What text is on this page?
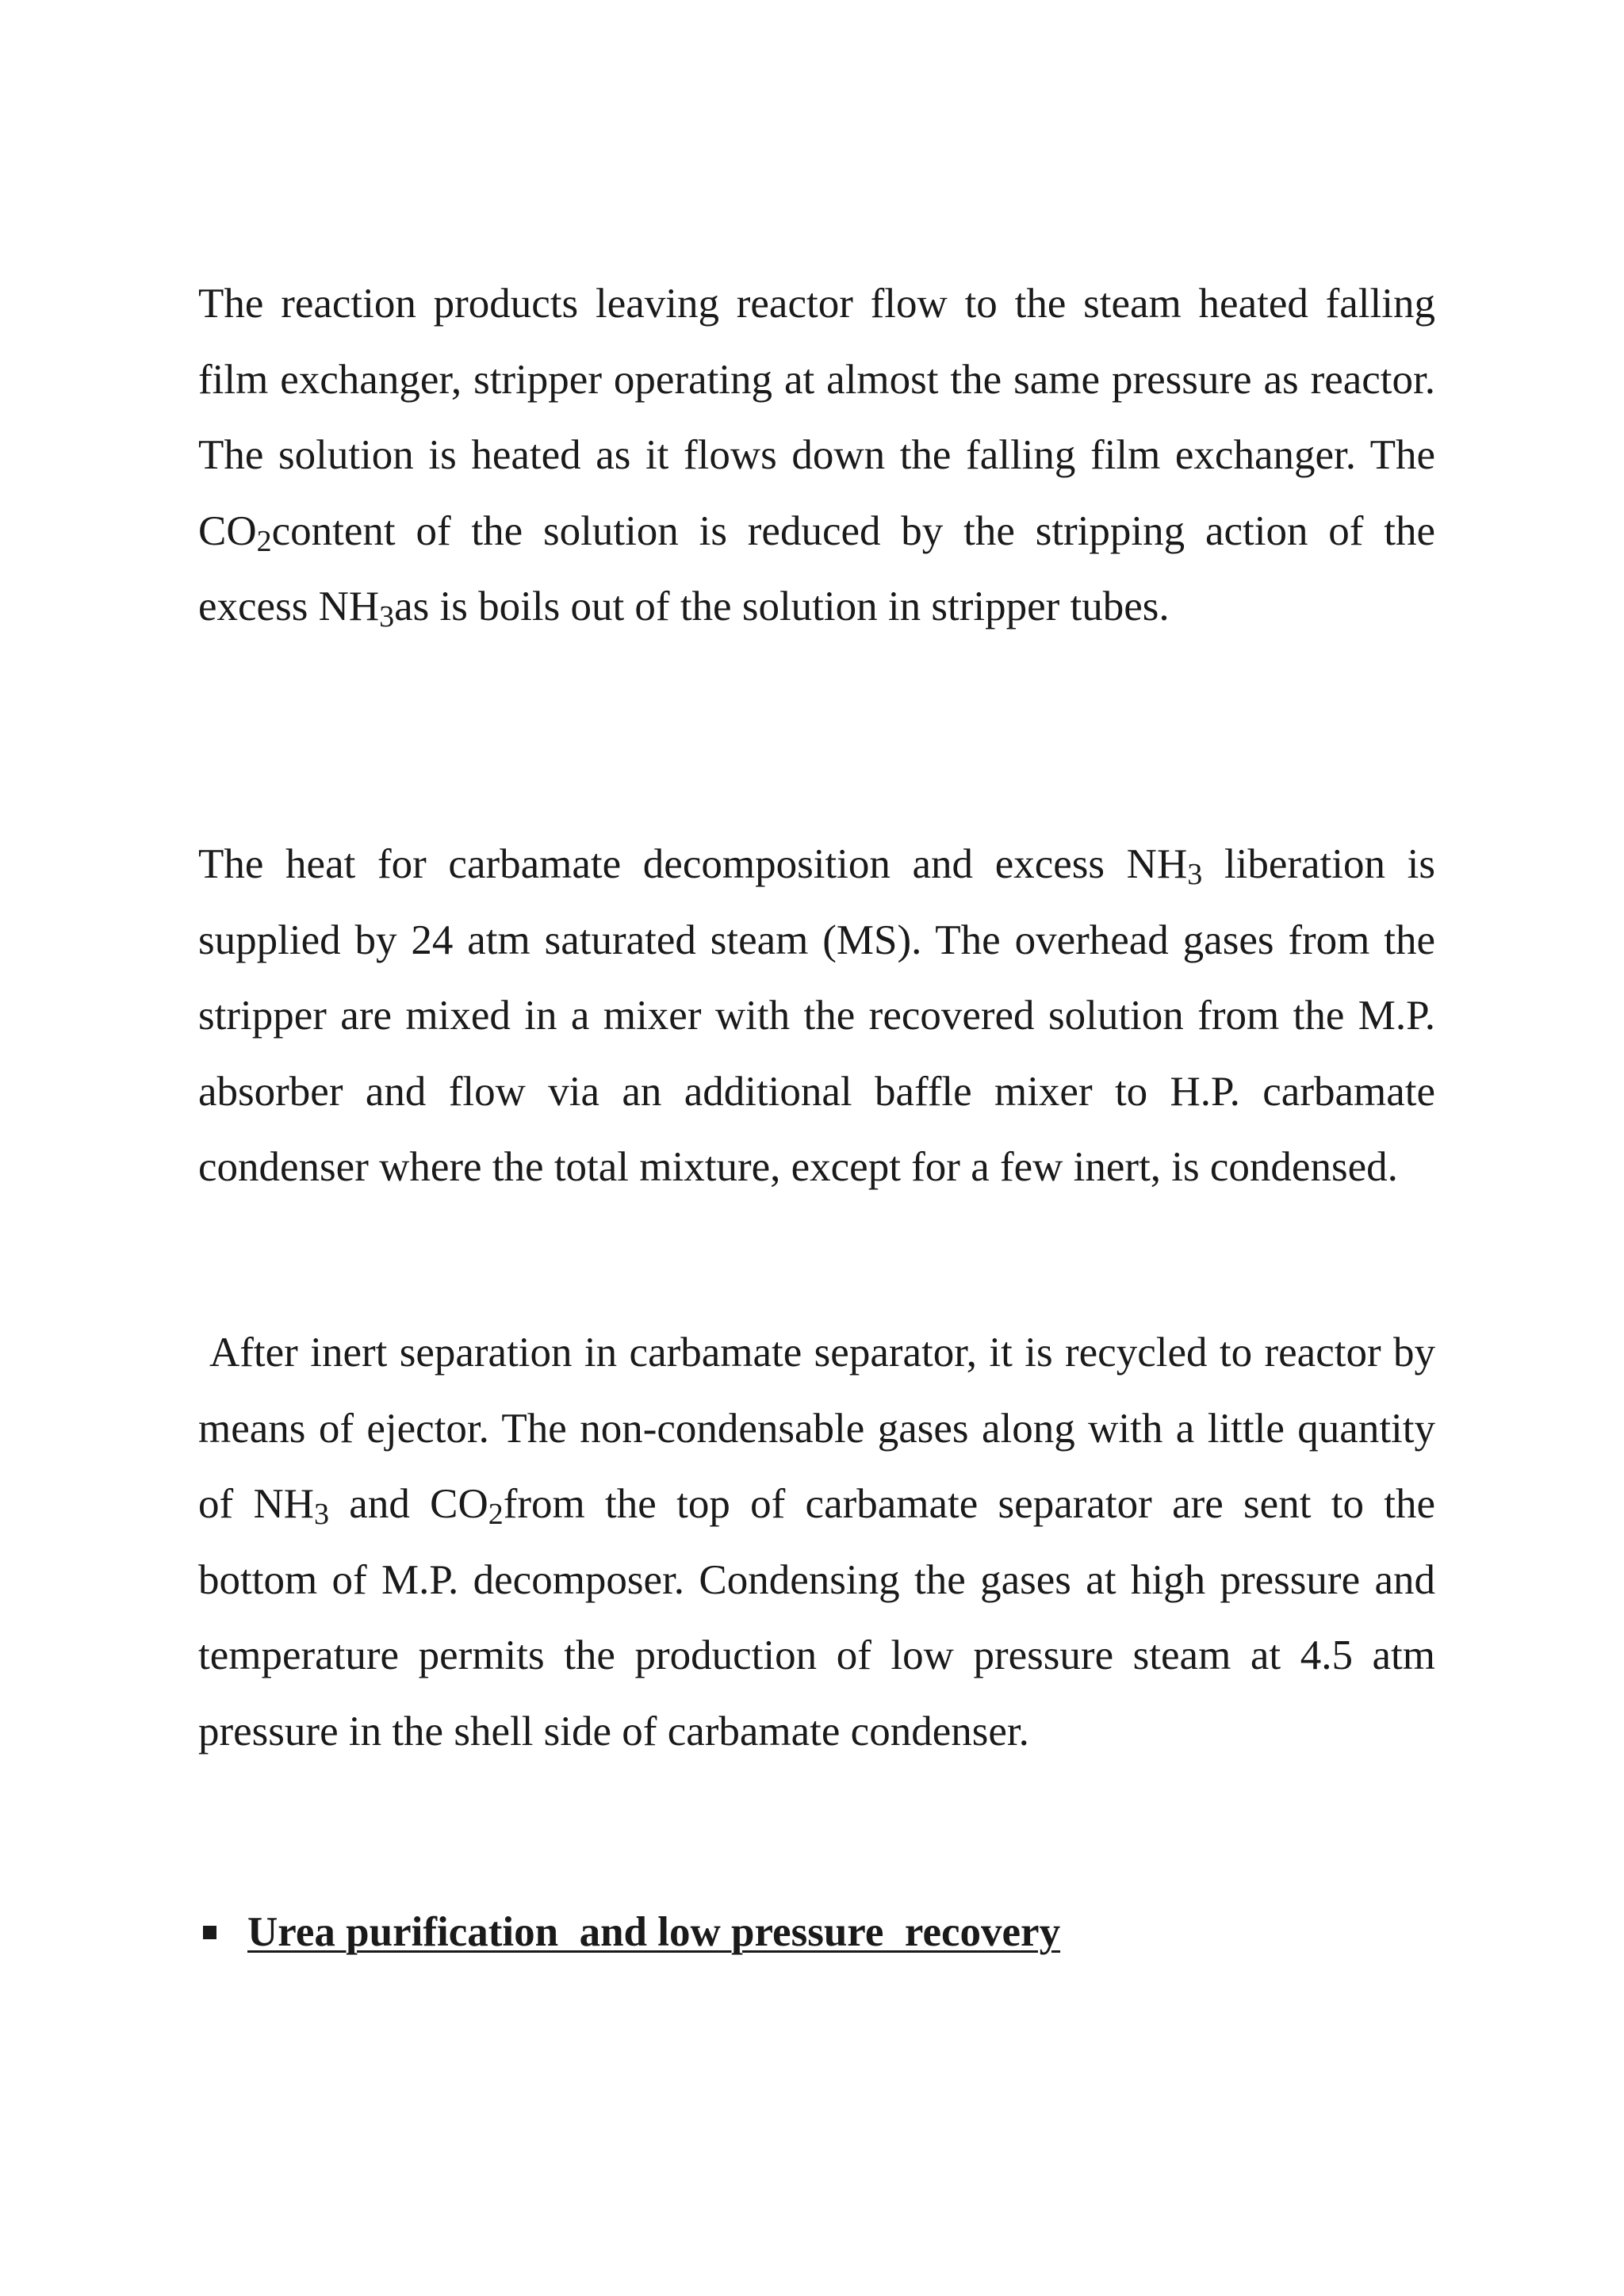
The reaction products leaving reactor flow to the steam heated falling film exchanger, stripper operating at almost the same pressure as reactor. The solution is heated as it flows down the falling film exchanger. The CO2content of the solution is reduced by the stripping action of the excess NH3as is boils out of the solution in stripper tubes.

The heat for carbamate decomposition and excess NH3 liberation is supplied by 24 atm saturated steam (MS). The overhead gases from the stripper are mixed in a mixer with the recovered solution from the M.P. absorber and flow via an additional baffle mixer to H.P. carbamate condenser where the total mixture, except for a few inert, is condensed.

After inert separation in carbamate separator, it is recycled to reactor by means of ejector. The non-condensable gases along with a little quantity of NH3 and CO2from the top of carbamate separator are sent to the bottom of M.P. decomposer. Condensing the gases at high pressure and temperature permits the production of low pressure steam at 4.5 atm pressure in the shell side of carbamate condenser.

Urea purification  and low pressure  recovery
